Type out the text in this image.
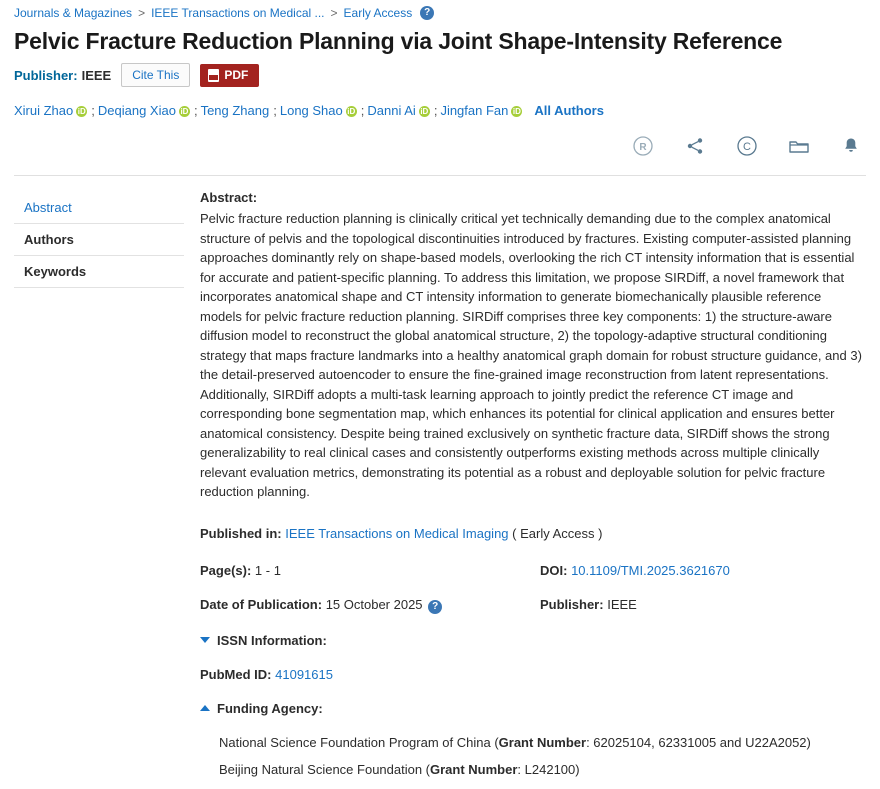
Journals & Magazines > IEEE Transactions on Medical ... > Early Access	?
Pelvic Fracture Reduction Planning via Joint Shape-Intensity Reference
Publisher: IEEE	Cite This	PDF
Xirui Zhao iD ; Deqiang Xiao iD ; Teng Zhang ; Long Shao iD ; Danni Ai iD ; Jingfan Fan iD All Authors
R	C
Abstract
Authors
Keywords
Abstract:
Pelvic fracture reduction planning is clinically critical yet technically demanding due to the complex anatomical structure of pelvis and the topological discontinuities introduced by fractures. Existing computer-assisted planning approaches dominantly rely on shape-based models, overlooking the rich CT intensity information that is essential for accurate and patient-specific planning. To address this limitation, we propose SIRDiff, a novel framework that incorporates anatomical shape and CT intensity information to generate biomechanically plausible reference models for pelvic fracture reduction planning. SIRDiff comprises three key components: 1) the structure-aware diffusion model to reconstruct the global anatomical structure, 2) the topology-adaptive structural conditioning strategy that maps fracture landmarks into a healthy anatomical graph domain for robust structure guidance, and 3) the detail-preserved autoencoder to ensure the fine-grained image reconstruction from latent representations. Additionally, SIRDiff adopts a multi-task learning approach to jointly predict the reference CT image and corresponding bone segmentation map, which enhances its potential for clinical application and ensures better anatomical consistency. Despite being trained exclusively on synthetic fracture data, SIRDiff shows the strong generalizability to real clinical cases and consistently outperforms existing methods across multiple clinically relevant evaluation metrics, demonstrating its potential as a robust and deployable solution for pelvic fracture reduction planning.
Published in: IEEE Transactions on Medical Imaging ( Early Access )
Page(s): 1 - 1
Date of Publication: 15 October 2025 ?
DOI: 10.1109/TMI.2025.3621670
Publisher: IEEE
ISSN Information:
PubMed ID: 41091615
Funding Agency:
National Science Foundation Program of China (Grant Number: 62025104, 62331005 and U22A2052)
Beijing Natural Science Foundation (Grant Number: L242100)
